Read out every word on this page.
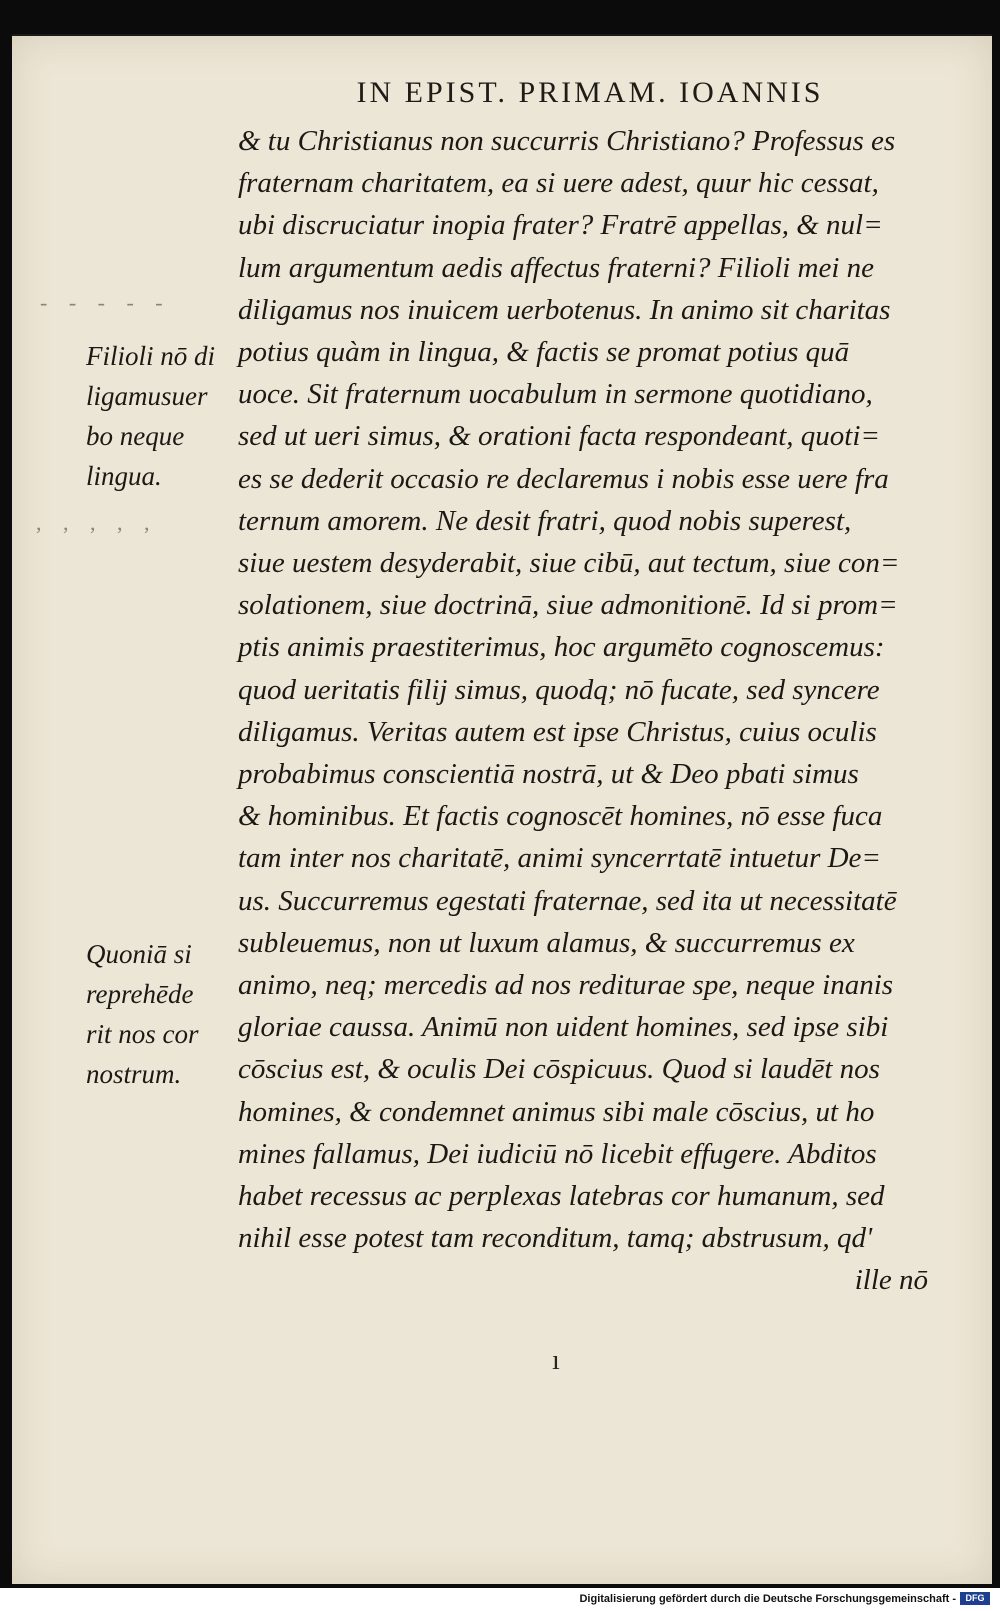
IN EPIST. PRIMAM. IOANNIS
- - - - -
, , , , ,
Filioli nō di
ligamusuer
bo neque
lingua.
Quoniā si
reprehēde
rit nos cor
nostrum.
& tu Christianus non succurris Christiano? Professus es
fraternam charitatem, ea si uere adest, quur hic cessat,
ubi discruciatur inopia frater? Fratrē appellas, & nul=
lum argumentum aedis affectus fraterni? Filioli mei ne
diligamus nos inuicem uerbotenus. In animo sit charitas
potius quàm in lingua, & factis se promat potius quā
uoce. Sit fraternum uocabulum in sermone quotidiano,
sed ut ueri simus, & orationi facta respondeant, quoti=
es se dederit occasio re declaremus i nobis esse uere fra
ternum amorem. Ne desit fratri, quod nobis superest,
siue uestem desyderabit, siue cibū, aut tectum, siue con=
solationem, siue doctrinā, siue admonitionē. Id si prom=
ptis animis praestiterimus, hoc argumēto cognoscemus:
quod ueritatis filij simus, quodq; nō fucate, sed syncere
diligamus. Veritas autem est ipse Christus, cuius oculis
probabimus conscientiā nostrā, ut & Deo pbati simus
& hominibus. Et factis cognoscēt homines, nō esse fuca
tam inter nos charitatē, animi syncerrtatē intuetur De=
us. Succurremus egestati fraternae, sed ita ut necessitatē
subleuemus, non ut luxum alamus, & succurremus ex
animo, neq; mercedis ad nos rediturae spe, neque inanis
gloriae caussa. Animū non uident homines, sed ipse sibi
cōscius est, & oculis Dei cōspicuus. Quod si laudēt nos
homines, & condemnet animus sibi male cōscius, ut ho
mines fallamus, Dei iudiciū nō licebit effugere. Abditos
habet recessus ac perplexas latebras cor humanum, sed
nihil esse potest tam reconditum, tamq; abstrusum, qd'
ille nō
ı
Digitalisierung gefördert durch die Deutsche Forschungsgemeinschaft -	DFG
